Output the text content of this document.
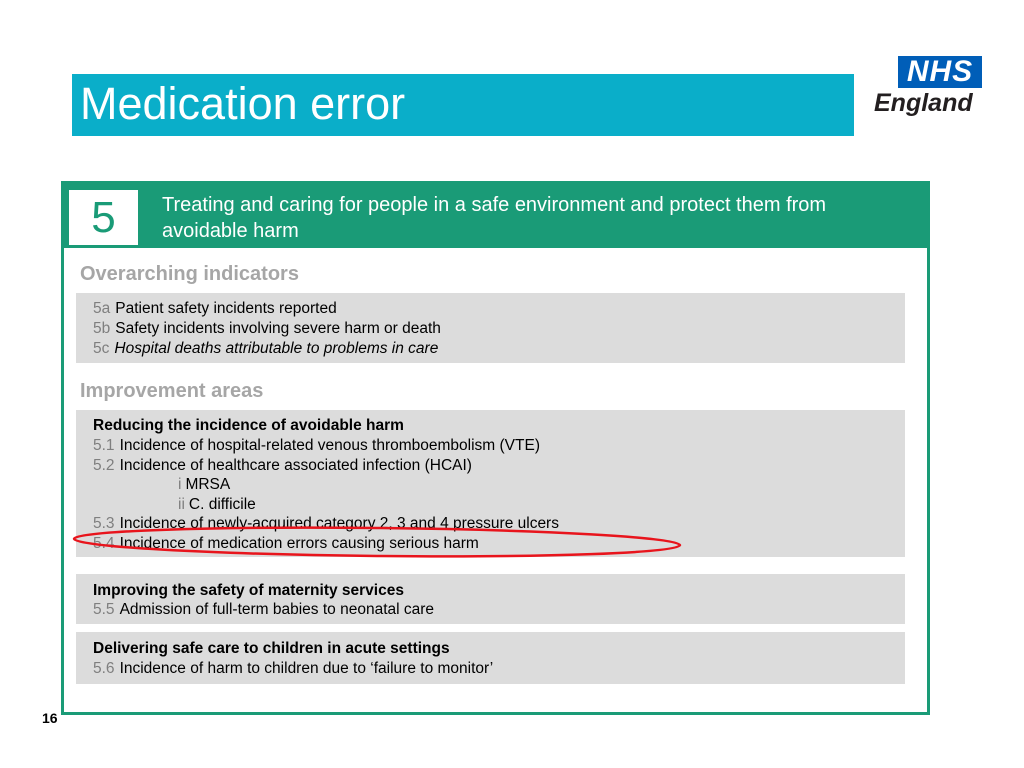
Medication error
NHS
England
5	Treating and caring for people in a safe environment and protect them from avoidable harm
Overarching indicators
5a Patient safety incidents reported
5b Safety incidents involving severe harm or death
5c Hospital deaths attributable to problems in care
Improvement areas
Reducing the incidence of avoidable harm
5.1 Incidence of hospital-related venous thromboembolism (VTE)
5.2 Incidence of healthcare associated infection (HCAI)
i MRSA
ii C. difficile
5.3 Incidence of newly-acquired category 2, 3 and 4 pressure ulcers
5.4 Incidence of medication errors causing serious harm
Improving the safety of maternity services
5.5 Admission of full-term babies to neonatal care
Delivering safe care to children in acute settings
5.6 Incidence of harm to children due to ‘failure to monitor’
16
